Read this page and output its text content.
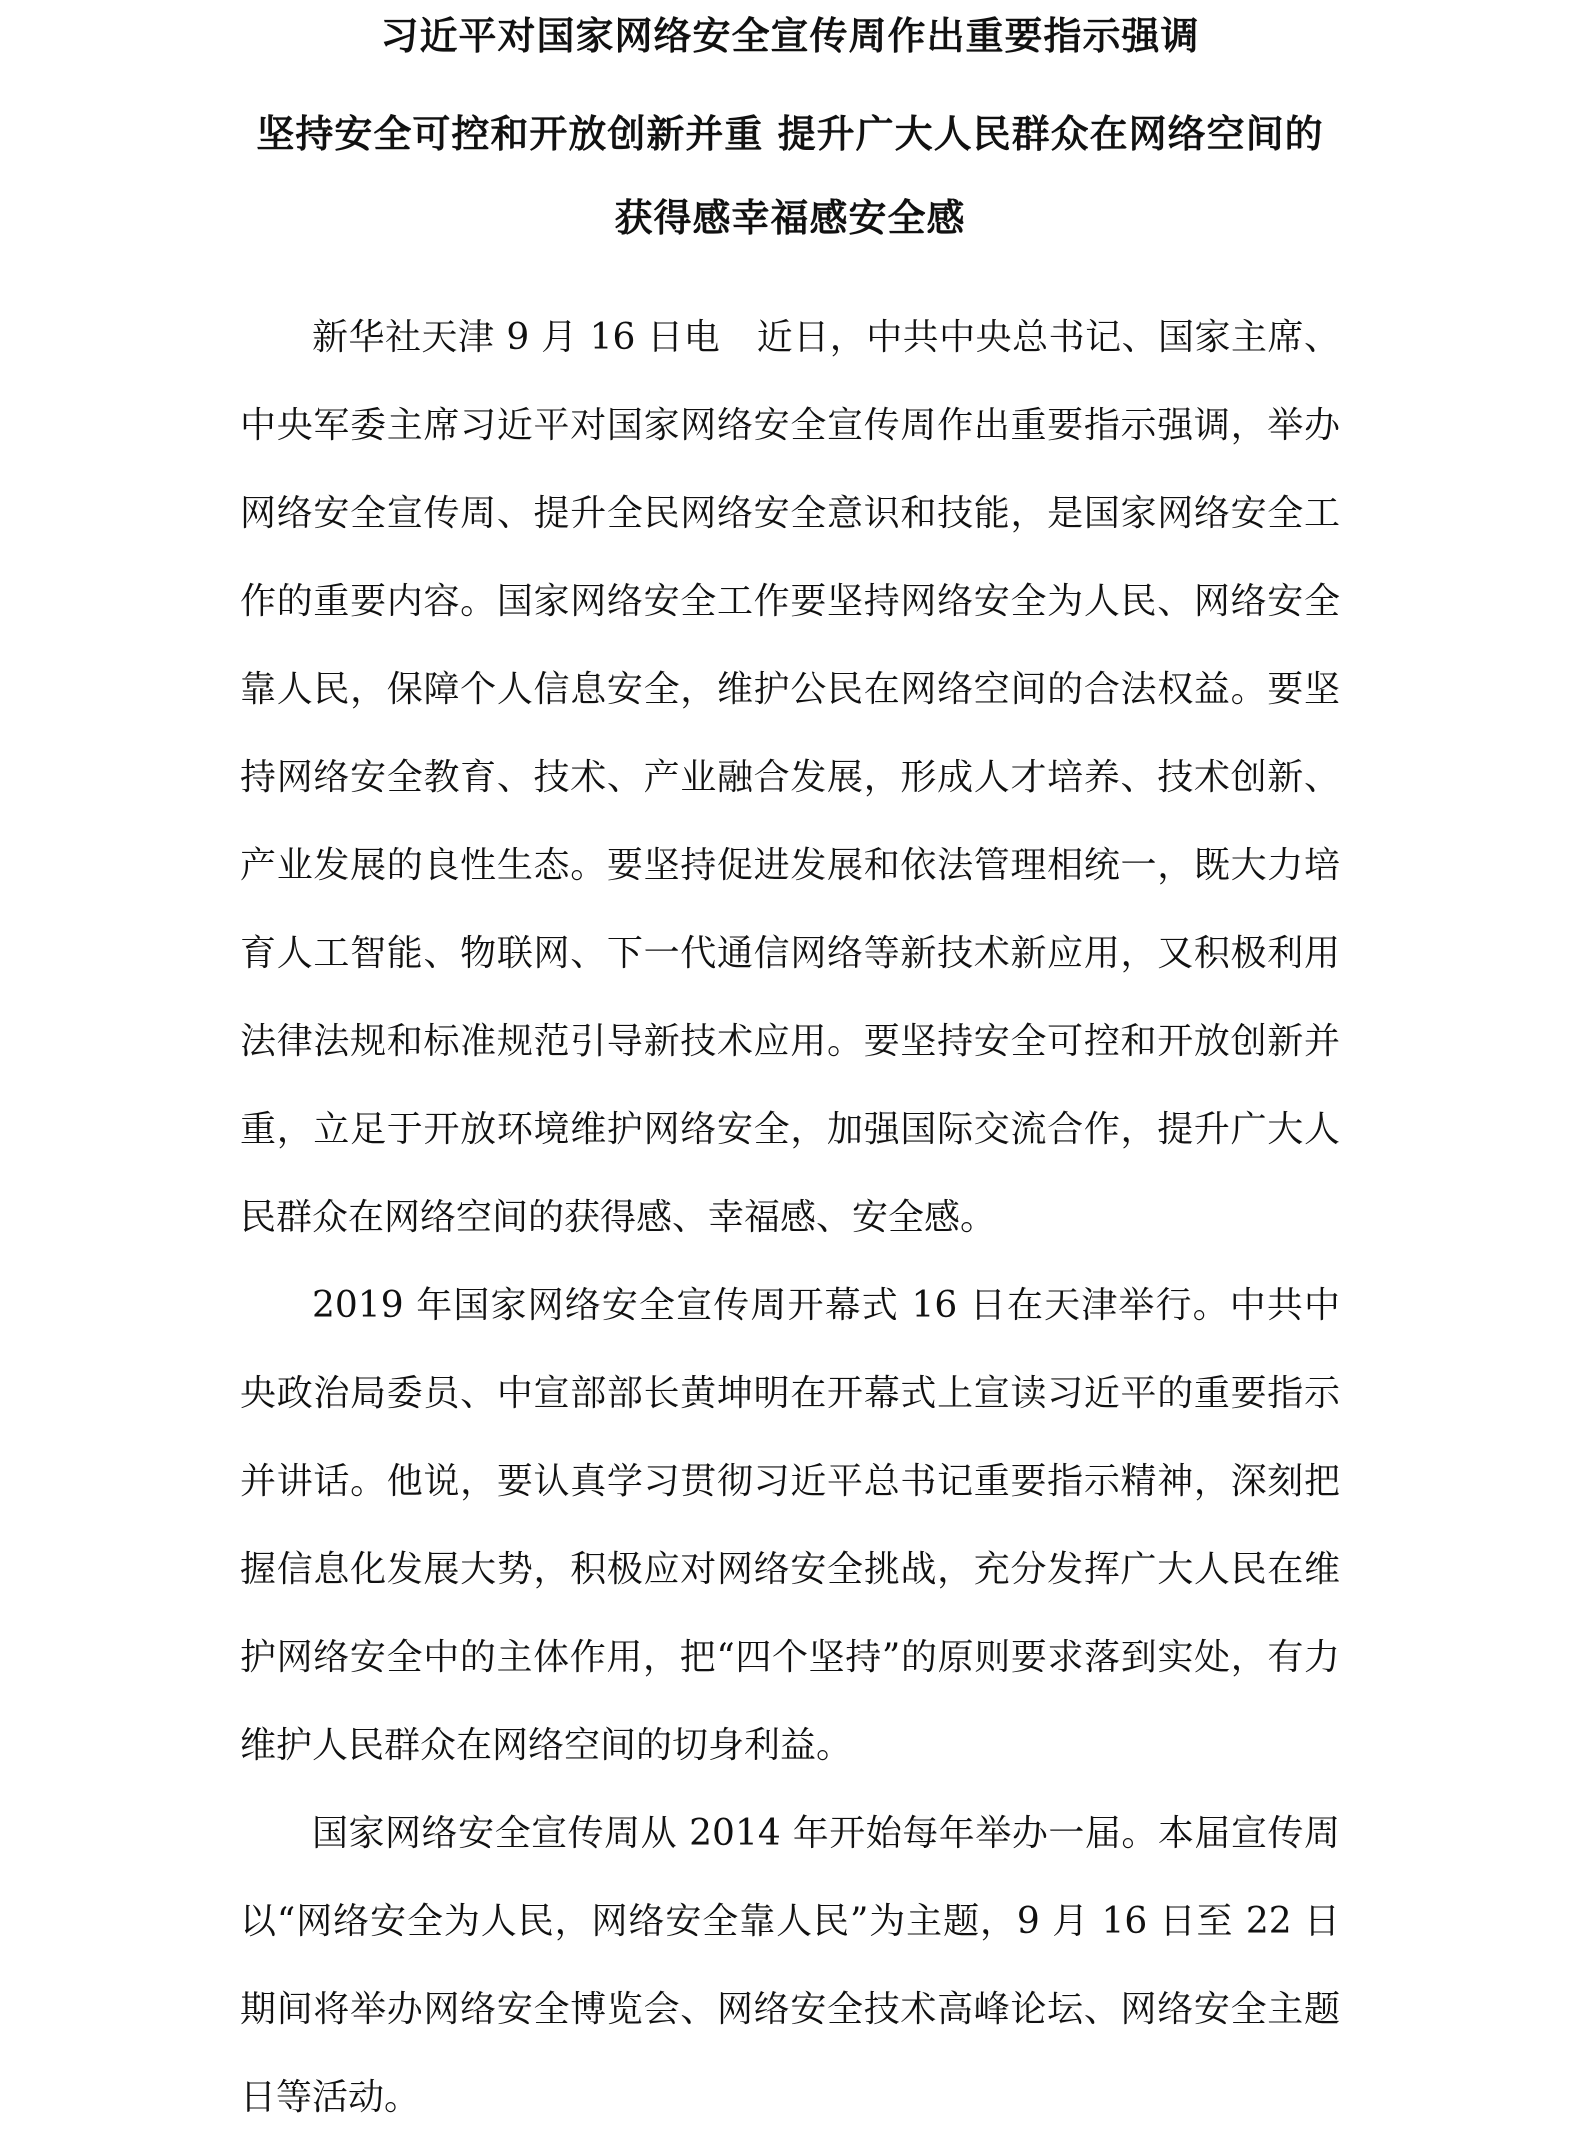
习近平对国家网络安全宣传周作出重要指示强调
坚持安全可控和开放创新并重 提升广大人民群众在网络空间的
获得感幸福感安全感

新华社天津 9 月 16 日电　近日，中共中央总书记、国家主席、中央军委主席习近平对国家网络安全宣传周作出重要指示强调，举办网络安全宣传周、提升全民网络安全意识和技能，是国家网络安全工作的重要内容。国家网络安全工作要坚持网络安全为人民、网络安全靠人民，保障个人信息安全，维护公民在网络空间的合法权益。要坚持网络安全教育、技术、产业融合发展，形成人才培养、技术创新、产业发展的良性生态。要坚持促进发展和依法管理相统一，既大力培育人工智能、物联网、下一代通信网络等新技术新应用，又积极利用法律法规和标准规范引导新技术应用。要坚持安全可控和开放创新并重，立足于开放环境维护网络安全，加强国际交流合作，提升广大人民群众在网络空间的获得感、幸福感、安全感。

2019 年国家网络安全宣传周开幕式 16 日在天津举行。中共中央政治局委员、中宣部部长黄坤明在开幕式上宣读习近平的重要指示并讲话。他说，要认真学习贯彻习近平总书记重要指示精神，深刻把握信息化发展大势，积极应对网络安全挑战，充分发挥广大人民在维护网络安全中的主体作用，把“四个坚持”的原则要求落到实处，有力维护人民群众在网络空间的切身利益。

国家网络安全宣传周从 2014 年开始每年举办一届。本届宣传周以“网络安全为人民，网络安全靠人民”为主题，9 月 16 日至 22 日期间将举办网络安全博览会、网络安全技术高峰论坛、网络安全主题日等活动。
